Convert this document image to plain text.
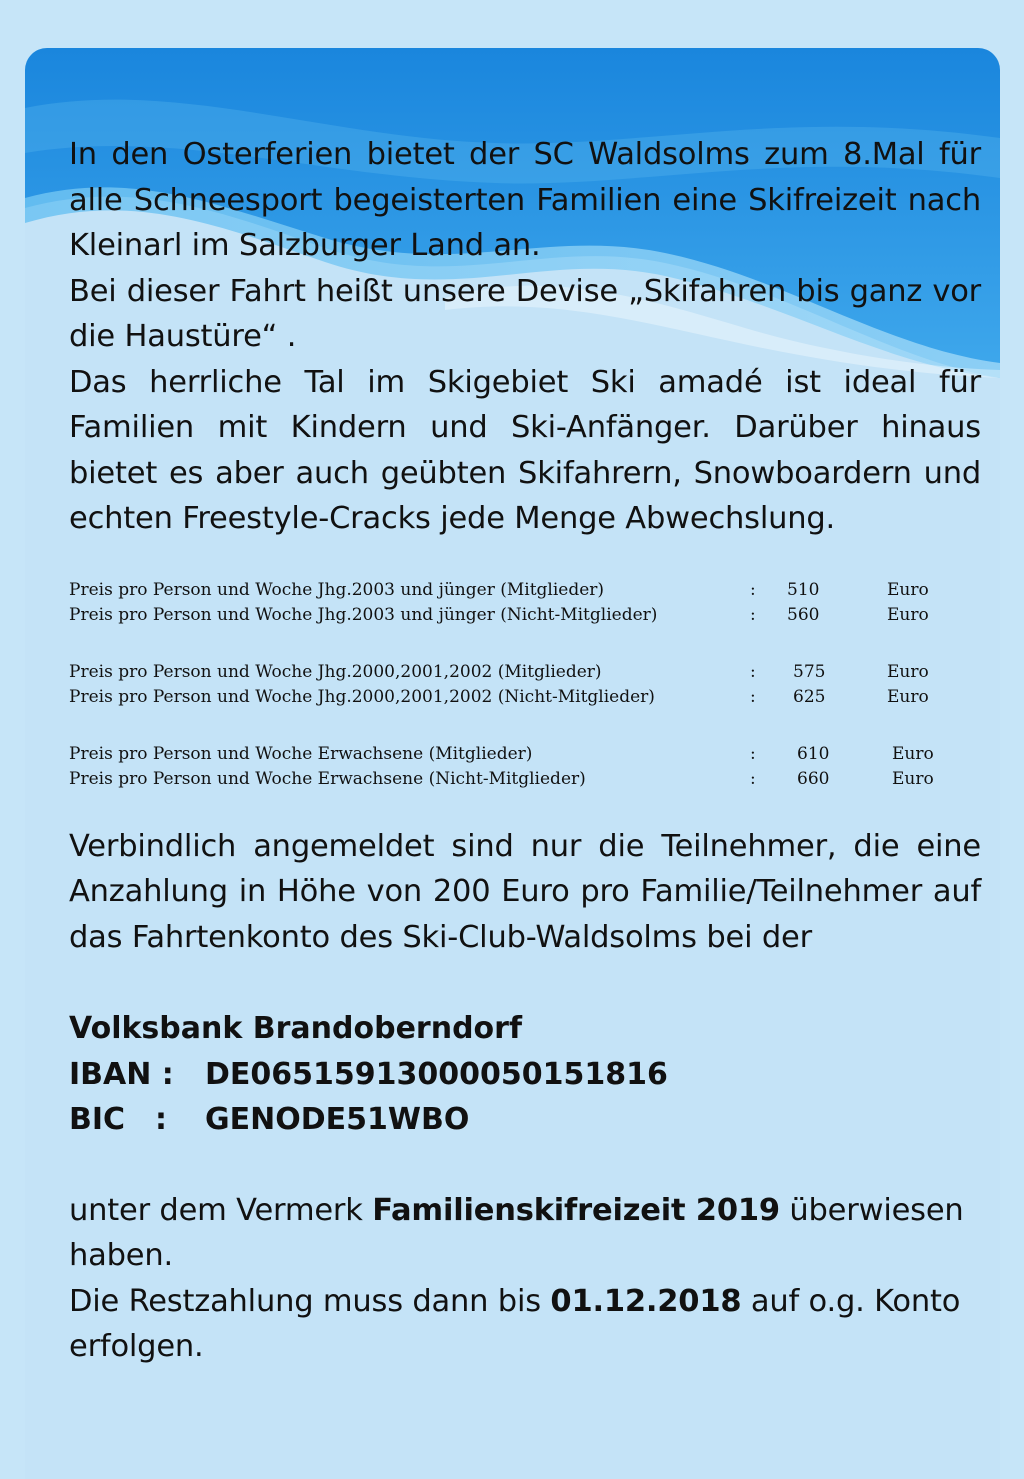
In den Osterferien bietet der SC Waldsolms zum 8.Mal für alle Schneesport begeisterten Familien eine Skifreizeit nach Kleinarl im Salzburger Land an.

Bei dieser Fahrt heißt unsere Devise „Skifahren bis ganz vor die Haustüre“ .

Das herrliche Tal im Skigebiet Ski amadé ist ideal für Familien mit Kindern und Ski-Anfänger. Darüber hinaus bietet es aber auch geübten Skifahrern, Snowboardern und echten Freestyle-Cracks jede Menge Abwechslung.

Preis pro Person und Woche Jhg.2003 und jünger (Mitglieder)	: 510	Euro
Preis pro Person und Woche Jhg.2003 und jünger (Nicht-Mitglieder)	: 560	Euro
Preis pro Person und Woche Jhg.2000,2001,2002 (Mitglieder)	: 575	Euro
Preis pro Person und Woche Jhg.2000,2001,2002 (Nicht-Mitglieder)	: 625	Euro
Preis pro Person und Woche Erwachsene (Mitglieder)	: 610	Euro
Preis pro Person und Woche Erwachsene (Nicht-Mitglieder)	: 660	Euro

Verbindlich angemeldet sind nur die Teilnehmer, die eine Anzahlung in Höhe von 200 Euro pro Familie/Teilnehmer auf das Fahrtenkonto des Ski-Club-Waldsolms bei der

Volksbank Brandoberndorf
IBAN : DE06515913000050151816
BIC : GENODE51WBO

unter dem Vermerk Familienskifreizeit 2019 überwiesen haben.

Die Restzahlung muss dann bis 01.12.2018 auf o.g. Konto erfolgen.
